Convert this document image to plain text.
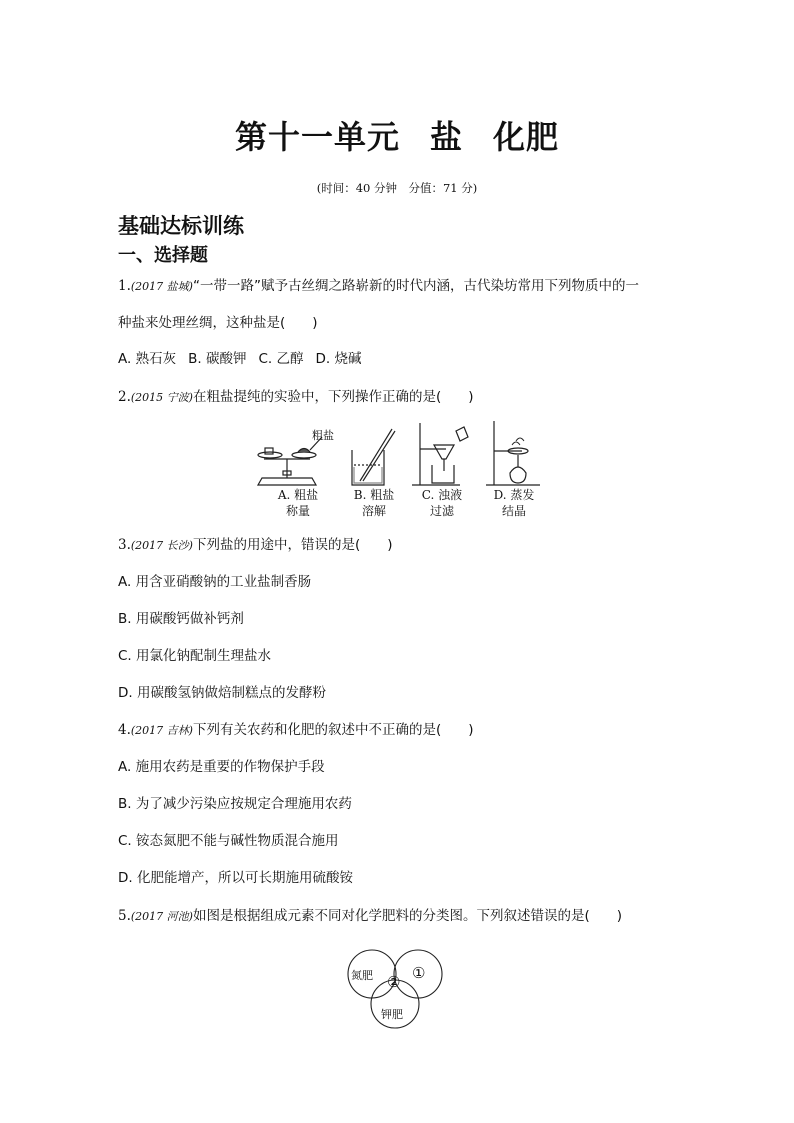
第十一单元 盐 化肥
(时间：40 分钟　分值：71 分)
基础达标训练
一、选择题
1.(2017 盐城)“一带一路”赋予古丝绸之路崭新的时代内涵，古代染坊常用下列物质中的一
种盐来处理丝绸，这种盐是(　　)
A. 熟石灰 B. 碳酸钾 C. 乙醇 D. 烧碱
2.(2015 宁波)在粗盐提纯的实验中，下列操作正确的是(　　)
粗盐
A. 粗盐
称量
B. 粗盐
溶解
C. 浊液
过滤
D. 蒸发
结晶
3.(2017 长沙)下列盐的用途中，错误的是(　　)
A. 用含亚硝酸钠的工业盐制香肠
B. 用碳酸钙做补钙剂
C. 用氯化钠配制生理盐水
D. 用碳酸氢钠做焙制糕点的发酵粉
4.(2017 吉林)下列有关农药和化肥的叙述中不正确的是(　　)
A. 施用农药是重要的作物保护手段
B. 为了减少污染应按规定合理施用农药
C. 铵态氮肥不能与碱性物质混合施用
D. 化肥能增产，所以可长期施用硫酸铵
5.(2017 河池)如图是根据组成元素不同对化学肥料的分类图。下列叙述错误的是(　　)
氮肥	①
②
钾肥
